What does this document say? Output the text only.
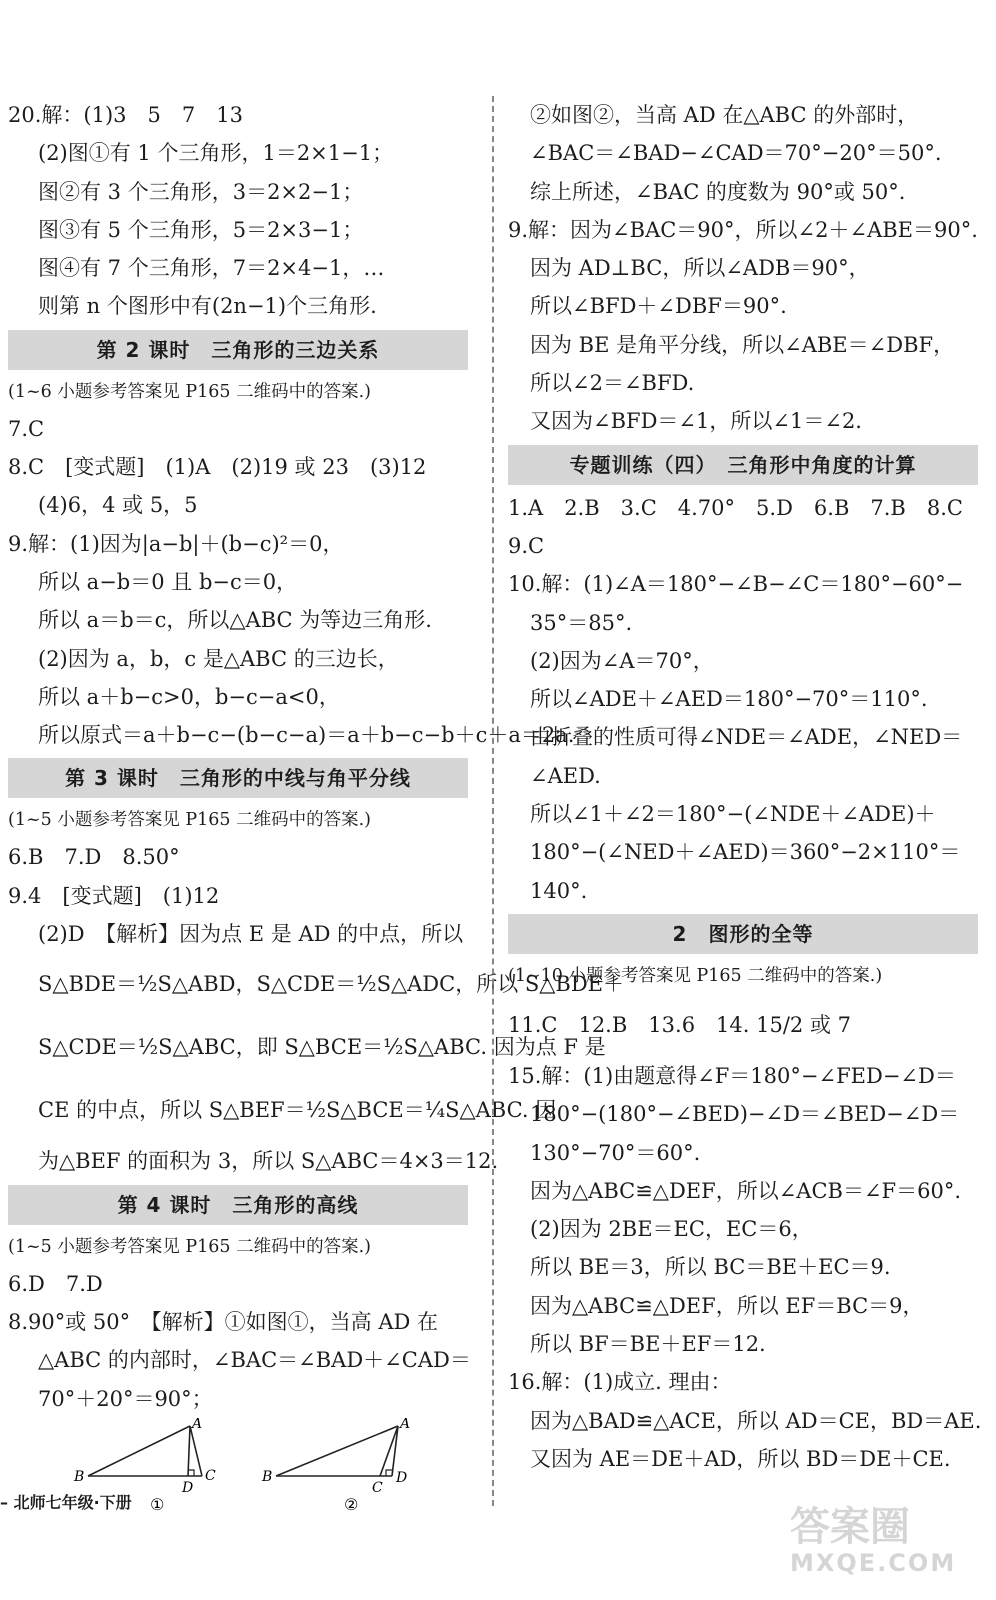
20.解：(1)3　5　7　13
(2)图①有 1 个三角形，1＝2×1−1；
图②有 3 个三角形，3＝2×2−1；
图③有 5 个三角形，5＝2×3−1；
图④有 7 个三角形，7＝2×4−1，…
则第 n 个图形中有(2n−1)个三角形.
第 2 课时　三角形的三边关系
(1~6 小题参考答案见 P165 二维码中的答案.)
7.C
8.C　[变式题]　(1)A　(2)19 或 23　(3)12
(4)6，4 或 5，5
9.解：(1)因为|a−b|＋(b−c)²＝0，
所以 a−b＝0 且 b−c＝0，
所以 a＝b＝c，所以△ABC 为等边三角形.
(2)因为 a，b，c 是△ABC 的三边长，
所以 a＋b−c>0，b−c−a<0，
所以原式＝a＋b−c−(b−c−a)＝a＋b−c−b＋c＋a＝2a.
第 3 课时　三角形的中线与角平分线
(1~5 小题参考答案见 P165 二维码中的答案.)
6.B　7.D　8.50°
9.4　[变式题]　(1)12
(2)D　【解析】因为点 E 是 AD 的中点，所以
S△BDE＝½S△ABD，S△CDE＝½S△ADC，所以 S△BDE＋
S△CDE＝½S△ABC，即 S△BCE＝½S△ABC. 因为点 F 是
CE 的中点，所以 S△BEF＝½S△BCE＝¼S△ABC. 因
为△BEF 的面积为 3，所以 S△ABC＝4×3＝12.
第 4 课时　三角形的高线
(1~5 小题参考答案见 P165 二维码中的答案.)
6.D　7.D
8.90°或 50°　【解析】①如图①，当高 AD 在
△ABC 的内部时，∠BAC＝∠BAD＋∠CAD＝
70°＋20°＝90°；
A
B	C
D
①
A
B
C
D
②
②如图②，当高 AD 在△ABC 的外部时，
∠BAC＝∠BAD−∠CAD＝70°−20°＝50°.
综上所述，∠BAC 的度数为 90°或 50°.
9.解：因为∠BAC＝90°，所以∠2＋∠ABE＝90°.
因为 AD⊥BC，所以∠ADB＝90°，
所以∠BFD＋∠DBF＝90°.
因为 BE 是角平分线，所以∠ABE＝∠DBF，
所以∠2＝∠BFD.
又因为∠BFD＝∠1，所以∠1＝∠2.
专题训练（四）　三角形中角度的计算
1.A　2.B　3.C　4.70°　5.D　6.B　7.B　8.C
9.C
10.解：(1)∠A＝180°−∠B−∠C＝180°−60°−
35°＝85°.
(2)因为∠A＝70°，
所以∠ADE＋∠AED＝180°−70°＝110°.
由折叠的性质可得∠NDE＝∠ADE，∠NED＝
∠AED.
所以∠1＋∠2＝180°−(∠NDE＋∠ADE)＋
180°−(∠NED＋∠AED)＝360°−2×110°＝
140°.
2　图形的全等
(1~10 小题参考答案见 P165 二维码中的答案.)
11.C　12.B　13.6　14. 15/2 或 7
15.解：(1)由题意得∠F＝180°−∠FED−∠D＝
180°−(180°−∠BED)−∠D＝∠BED−∠D＝
130°−70°＝60°.
因为△ABC≌△DEF，所以∠ACB＝∠F＝60°.
(2)因为 2BE＝EC，EC＝6，
所以 BE＝3，所以 BC＝BE＋EC＝9.
因为△ABC≌△DEF，所以 EF＝BC＝9，
所以 BF＝BE＋EF＝12.
16.解：(1)成立. 理由：
因为△BAD≌△ACE，所以 AD＝CE，BD＝AE.
又因为 AE＝DE＋AD，所以 BD＝DE＋CE.
– 北师七年级·下册
答案圈
MXQE.COM
